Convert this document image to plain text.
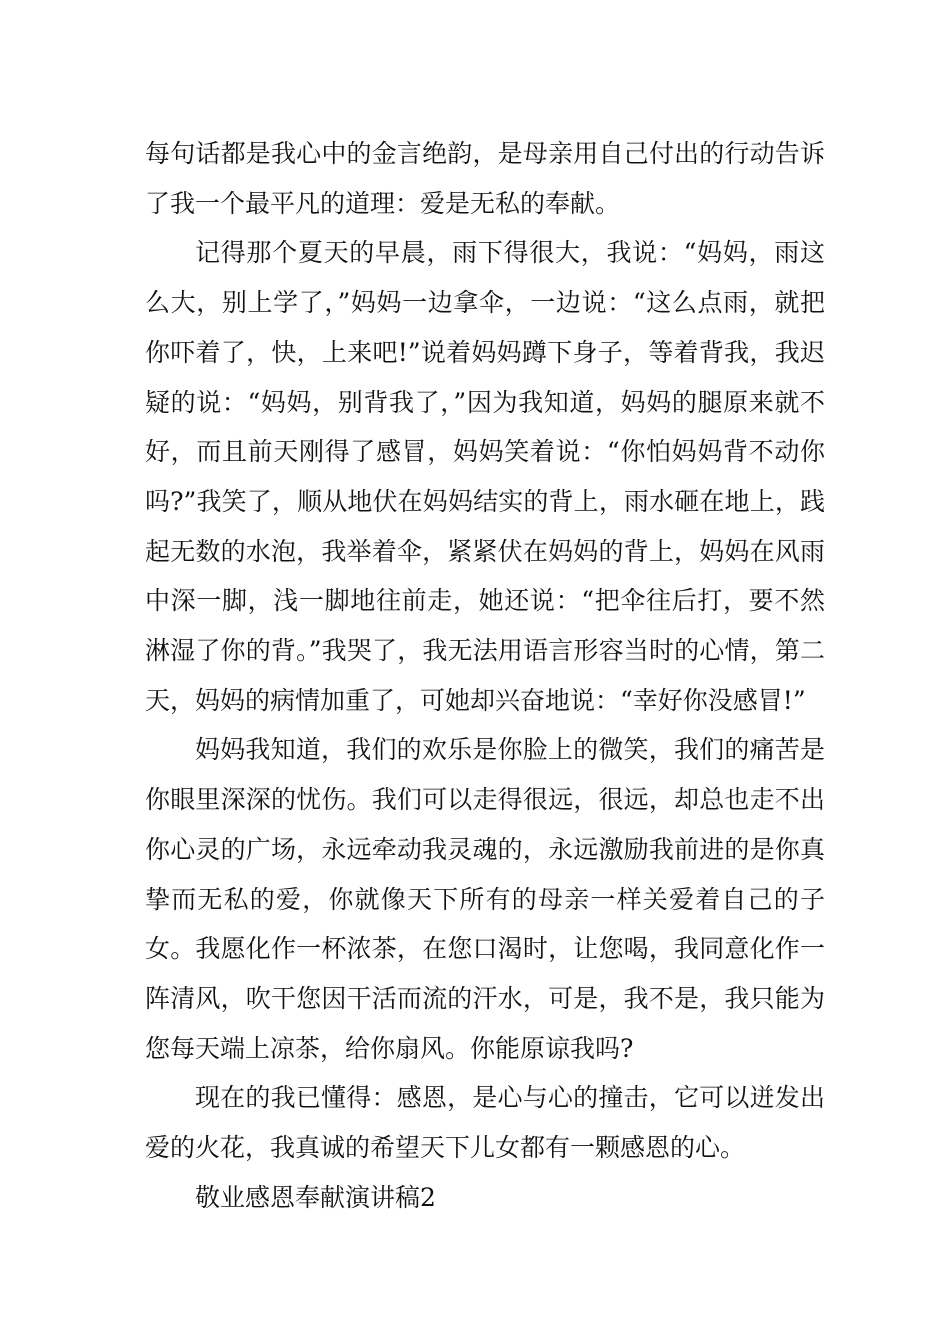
每句话都是我心中的金言绝韵，是母亲用自己付出的行动告诉了我一个最平凡的道理：爱是无私的奉献。

记得那个夏天的早晨，雨下得很大，我说：“妈妈，雨这么大，别上学了，”妈妈一边拿伞，一边说：“这么点雨，就把你吓着了，快，上来吧!”说着妈妈蹲下身子，等着背我，我迟疑的说：“妈妈，别背我了，”因为我知道，妈妈的腿原来就不好，而且前天刚得了感冒，妈妈笑着说：“你怕妈妈背不动你吗?”我笑了，顺从地伏在妈妈结实的背上，雨水砸在地上，践起无数的水泡，我举着伞，紧紧伏在妈妈的背上，妈妈在风雨中深一脚，浅一脚地往前走，她还说：“把伞往后打，要不然淋湿了你的背。”我哭了，我无法用语言形容当时的心情，第二天，妈妈的病情加重了，可她却兴奋地说：“幸好你没感冒!”

妈妈我知道，我们的欢乐是你脸上的微笑，我们的痛苦是你眼里深深的忧伤。我们可以走得很远，很远，却总也走不出你心灵的广场，永远牵动我灵魂的，永远激励我前进的是你真挚而无私的爱，你就像天下所有的母亲一样关爱着自己的子女。我愿化作一杯浓茶，在您口渴时，让您喝，我同意化作一阵清风，吹干您因干活而流的汗水，可是，我不是，我只能为您每天端上凉茶，给你扇风。你能原谅我吗?

现在的我已懂得：感恩，是心与心的撞击，它可以迸发出爱的火花，我真诚的希望天下儿女都有一颗感恩的心。

敬业感恩奉献演讲稿2
